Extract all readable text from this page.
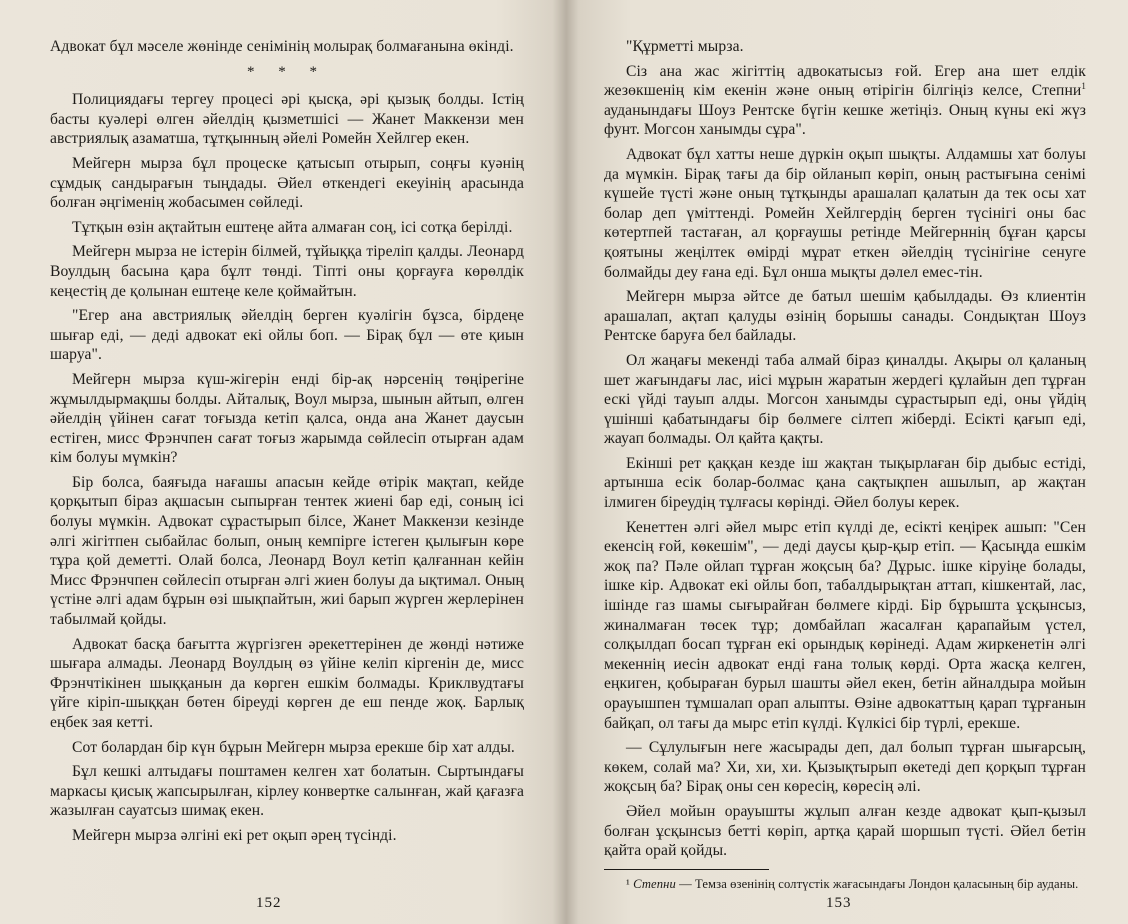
Адвокат бұл мәселе жөнінде сенімінің молырақ болмағанына өкінді.

* * *

Полициядағы тергеу процесі әрі қысқа, әрі қызық болды. Істің басты куәлері өлген әйелдің қызметшісі — Жанет Маккензи мен австриялық азаматша, тұтқынның әйелі Ромейн Хейлгер екен.

Мейгерн мырза бұл процеске қатысып отырып, соңғы куәнің сұмдық сандырағын тыңдады. Әйел өткендегі екеуінің арасында болған әңгіменің жобасымен сөйледі.

Тұтқын өзін ақтайтын ештеңе айта алмаған соң, ісі сотқа берілді.

Мейгерн мырза не істерін білмей, тұйыққа тіреліп қалды. Леонард Воулдың басына қара бұлт төнді. Тіпті оны қорғауға көрөлдік кеңестің де қолынан ештеңе келе қоймайтын.

"Егер ана австриялық әйелдің берген куәлігін бұзса, бірдеңе шығар еді, — деді адвокат екі ойлы боп. — Бірақ бұл — өте қиын шаруа".

Мейгерн мырза күш-жігерін енді бір-ақ нәрсенің төңірегіне жұмылдырмақшы болды. Айталық, Воул мырза, шынын айтып, өлген әйелдің үйінен сағат тоғызда кетіп қалса, онда ана Жанет даусын естіген, мисс Фрэнчпен сағат тоғыз жарымда сөйлесіп отырған адам кім болуы мүмкін?

Бір болса, баяғыда нағашы апасын кейде өтірік мақтап, кейде қорқытып біраз ақшасын сыпырған тентек жиені бар еді, соның ісі болуы мүмкін. Адвокат сұрастырып білсе, Жанет Маккензи кезінде әлгі жігітпен сыбайлас болып, оның кемпірге істеген қылығын көре тұра қой деметті. Олай болса, Леонард Воул кетіп қалғаннан кейін Мисс Фрэнчпен сөйлесіп отырған әлгі жиен болуы да ықтимал. Оның үстіне әлгі адам бұрын өзі шықпайтын, жиі барып жүрген жерлерінен табылмай қойды.

Адвокат басқа бағытта жүргізген әрекеттерінен де жөнді нәтиже шығара алмады. Леонард Воулдың өз үйіне келіп кіргенін де, мисс Фрэнчтікінен шыққанын да көрген ешкім болмады. Криклвудтағы үйге кіріп-шыққан бөтен біреуді көрген де еш пенде жоқ. Барлық еңбек зая кетті.

Сот болардан бір күн бұрын Мейгерн мырза ерекше бір хат алды.

Бұл кешкі алтыдағы поштамен келген хат болатын. Сыртындағы маркасы қисық жапсырылған, кірлеу конвертке салынған, жай қағазға жазылған сауатсыз шимақ екен.

Мейгерн мырза әлгіні екі рет оқып әрең түсінді.

152

"Құрметті мырза.

Сіз ана жас жігіттің адвокатысыз ғой. Егер ана шет елдік жезөкшенің кім екенін және оның өтірігін білгіңіз келсе, Степни$^1$ ауданындағы Шоуз Рентске бүгін кешке жетіңіз. Оның күны екі жүз фунт. Могсон ханымды сұра".

Адвокат бұл хатты неше дүркін оқып шықты. Алдамшы хат болуы да мүмкін. Бірақ тағы да бір ойланып көріп, оның растығына сенімі күшейе түсті және оның тұтқынды арашалап қалатын да тек осы хат болар деп үміттенді. Ромейн Хейлгердің берген түсінігі оны бас көтертпей тастаған, ал қорғаушы ретінде Мейгерннің бұған қарсы қоятыны жеңілтек өмірді мұрат еткен әйелдің түсінігіне сенуге болмайды деу ғана еді. Бұл онша мықты дәлел емес-тін.

Мейгерн мырза әйтсе де батыл шешім қабылдады. Өз клиентін арашалап, ақтап қалуды өзінің борышы санады. Сондықтан Шоуз Рентске баруға бел байлады.

Ол жаңағы мекенді таба алмай біраз қиналды. Ақыры ол қаланың шет жағындағы лас, иісі мұрын жаратын жердегі құлайын деп тұрған ескі үйді тауып алды. Могсон ханымды сұрастырып еді, оны үйдің үшінші қабатындағы бір бөлмеге сілтеп жіберді. Есікті қағып еді, жауап болмады. Ол қайта қақты.

Екінші рет қаққан кезде іш жақтан тықырлаған бір дыбыс естіді, артынша есік болар-болмас қана сақтықпен ашылып, ар жақтан ілмиген біреудің тұлғасы көрінді. Әйел болуы керек.

Кенеттен әлгі әйел мырс етіп күлді де, есікті кеңірек ашып: "Сен екенсің ғой, көкешім", — деді даусы қыр-қыр етіп. — Қасыңда ешкім жоқ па? Пәле ойлап тұрған жоқсың ба? Дұрыс. ішке кіруіңе болады, ішке кір. Адвокат екі ойлы боп, табалдырықтан аттап, кішкентай, лас, ішінде газ шамы сығырайған бөлмеге кірді. Бір бұрышта ұсқынсыз, жиналмаған төсек тұр; домбайлап жасалған қарапайым үстел, солқылдап босап тұрған екі орындық көрінеді. Адам жиркенетін әлгі мекеннің иесін адвокат енді ғана толық көрді. Орта жасқа келген, еңкиген, қобыраған бурыл шашты әйел екен, бетін айналдыра мойын орауышпен тұмшалап орап алыпты. Өзіне адвокаттың қарап тұрғанын байқап, ол тағы да мырс етіп күлді. Күлкісі бір түрлі, ерекше.

— Сұлулығын неге жасырады деп, дал болып тұрған шығарсың, көкем, солай ма? Хи, хи, хи. Қызықтырып өкетеді деп қорқып тұрған жоқсың ба? Бірақ оны сен көресің, көресің әлі.

Әйел мойын орауышты жұлып алған кезде адвокат қып-қызыл болған ұсқынсыз бетті көріп, артқа қарай шоршып түсті. Әйел бетін қайта орай қойды.

¹ Степни — Темза өзенінің солтүстік жағасындағы Лондон қаласының бір ауданы.

153
